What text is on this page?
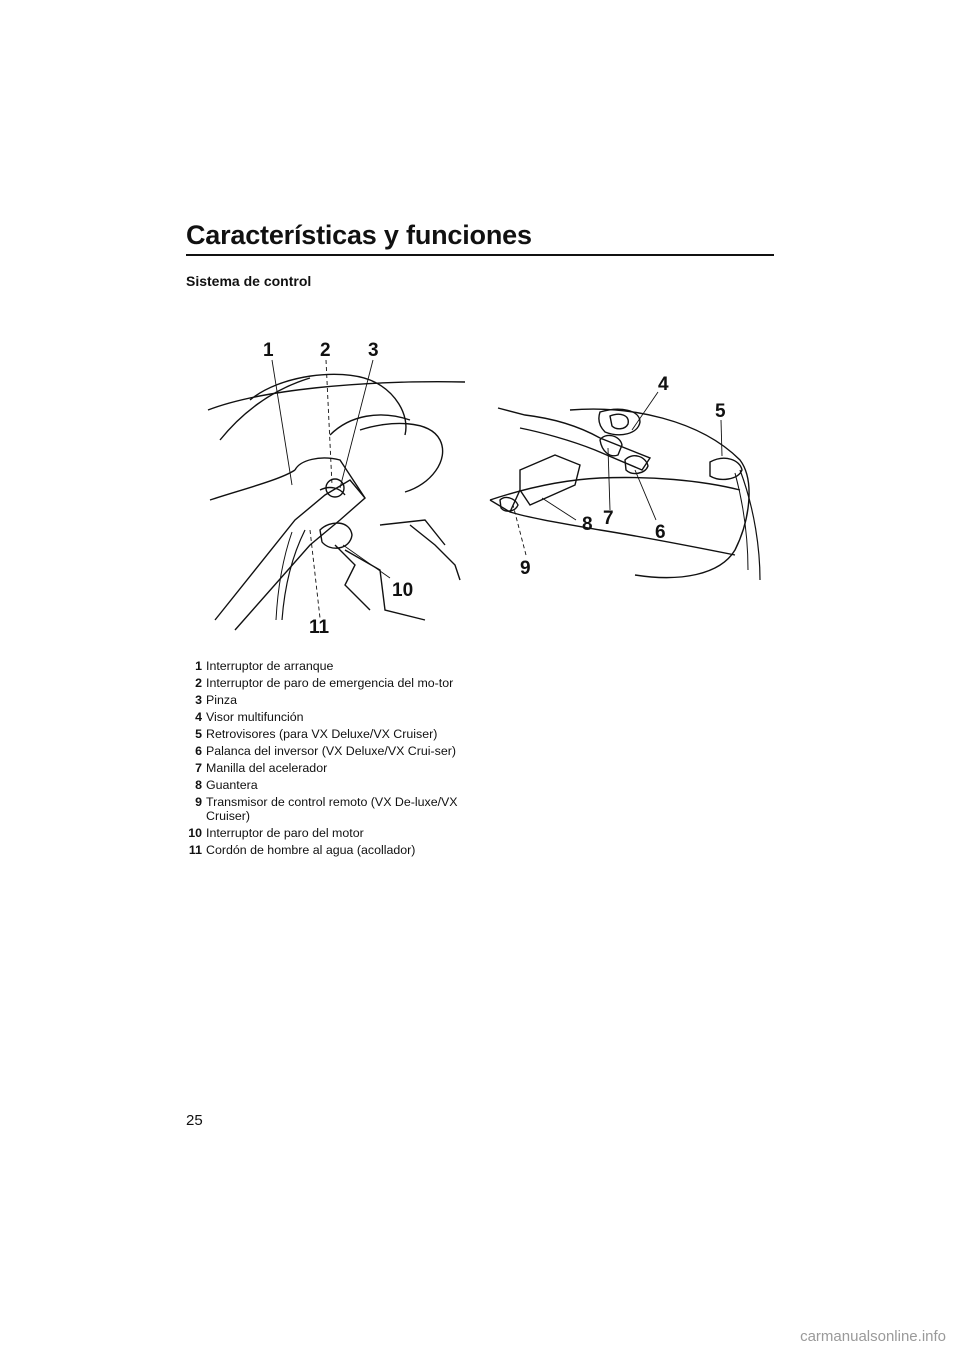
Características y funciones
Sistema de control
1 2 3
4
5
6
7
8
9
10
11
1 Interruptor de arranque
2 Interruptor de paro de emergencia del mo-tor
3 Pinza
4 Visor multifunción
5 Retrovisores (para VX Deluxe/VX Cruiser)
6 Palanca del inversor (VX Deluxe/VX Crui-ser)
7 Manilla del acelerador
8 Guantera
9 Transmisor de control remoto (VX De-luxe/VX Cruiser)
10 Interruptor de paro del motor
11 Cordón de hombre al agua (acollador)
25
carmanualsonline.info
